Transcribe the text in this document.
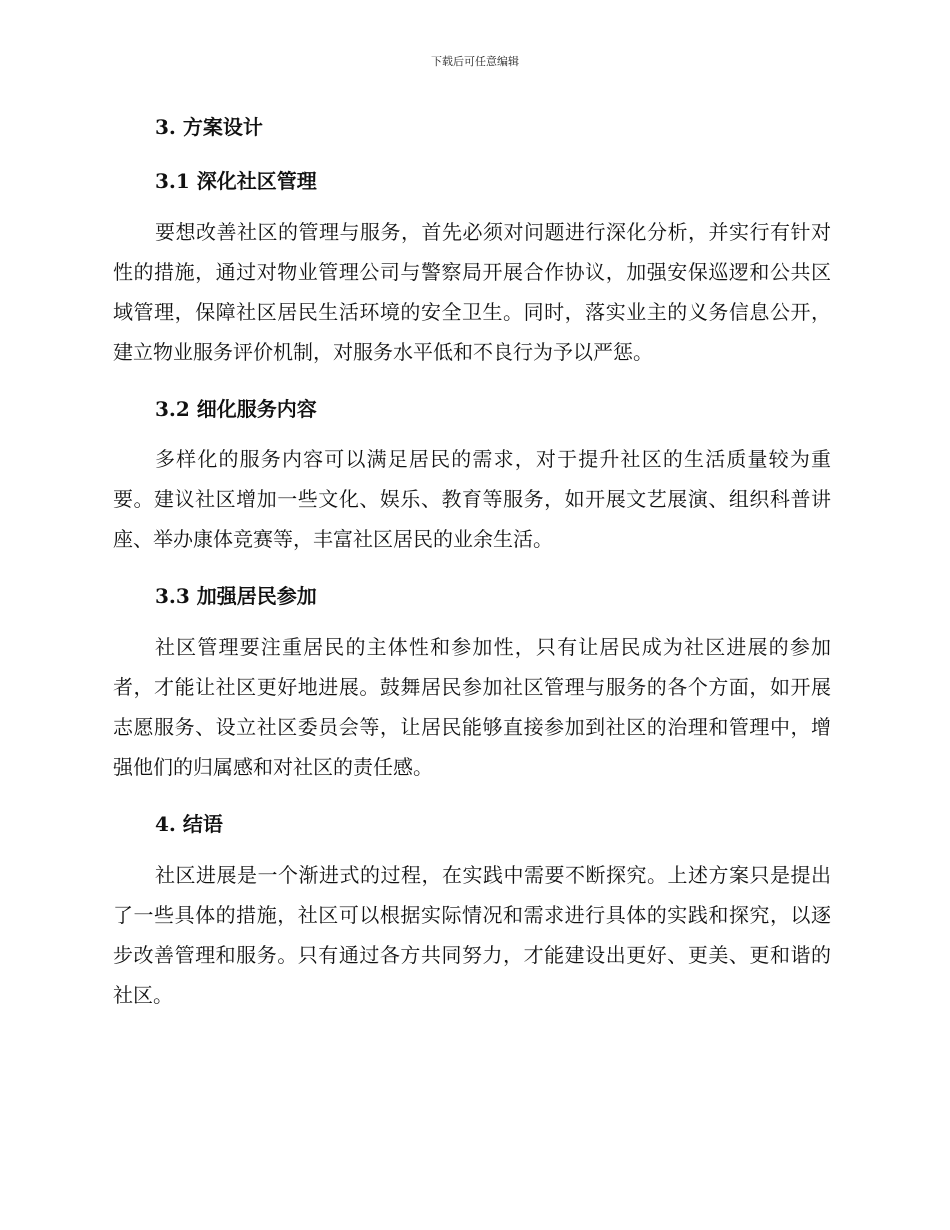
下载后可任意编辑
3. 方案设计
3.1 深化社区管理

要想改善社区的管理与服务，首先必须对问题进行深化分析，并实行有针对性的措施，通过对物业管理公司与警察局开展合作协议，加强安保巡逻和公共区域管理，保障社区居民生活环境的安全卫生。同时，落实业主的义务信息公开，建立物业服务评价机制，对服务水平低和不良行为予以严惩。

3.2 细化服务内容

多样化的服务内容可以满足居民的需求，对于提升社区的生活质量较为重要。建议社区增加一些文化、娱乐、教育等服务，如开展文艺展演、组织科普讲座、举办康体竞赛等，丰富社区居民的业余生活。

3.3 加强居民参加

社区管理要注重居民的主体性和参加性，只有让居民成为社区进展的参加者，才能让社区更好地进展。鼓舞居民参加社区管理与服务的各个方面，如开展志愿服务、设立社区委员会等，让居民能够直接参加到社区的治理和管理中，增强他们的归属感和对社区的责任感。

4. 结语

社区进展是一个渐进式的过程，在实践中需要不断探究。上述方案只是提出了一些具体的措施，社区可以根据实际情况和需求进行具体的实践和探究，以逐步改善管理和服务。只有通过各方共同努力，才能建设出更好、更美、更和谐的社区。
